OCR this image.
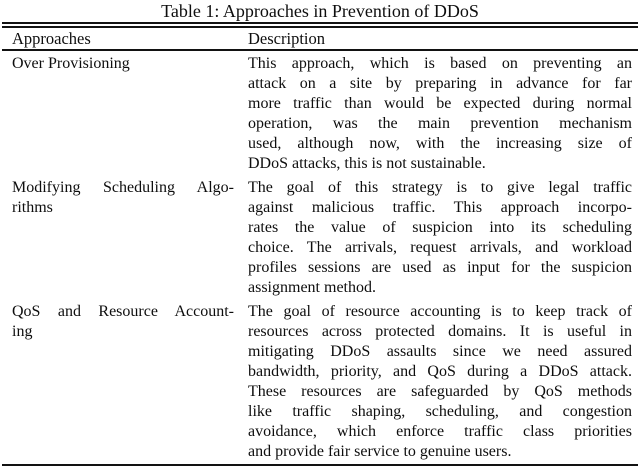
Table 1: Approaches in Prevention of DDoS
Approaches	Description
Over Provisioning	This approach, which is based on preventing an
attack on a site by preparing in advance for far
more traffic than would be expected during normal
operation, was the main prevention mechanism
used, although now, with the increasing size of
DDoS attacks, this is not sustainable.
Modifying Scheduling Algo-
rithms
The goal of this strategy is to give legal traffic
against malicious traffic. This approach incorpo-
rates the value of suspicion into its scheduling
choice. The arrivals, request arrivals, and workload
profiles sessions are used as input for the suspicion
assignment method.
QoS and Resource Account-
ing
The goal of resource accounting is to keep track of
resources across protected domains. It is useful in
mitigating DDoS assaults since we need assured
bandwidth, priority, and QoS during a DDoS attack.
These resources are safeguarded by QoS methods
like traffic shaping, scheduling, and congestion
avoidance, which enforce traffic class priorities
and provide fair service to genuine users.
